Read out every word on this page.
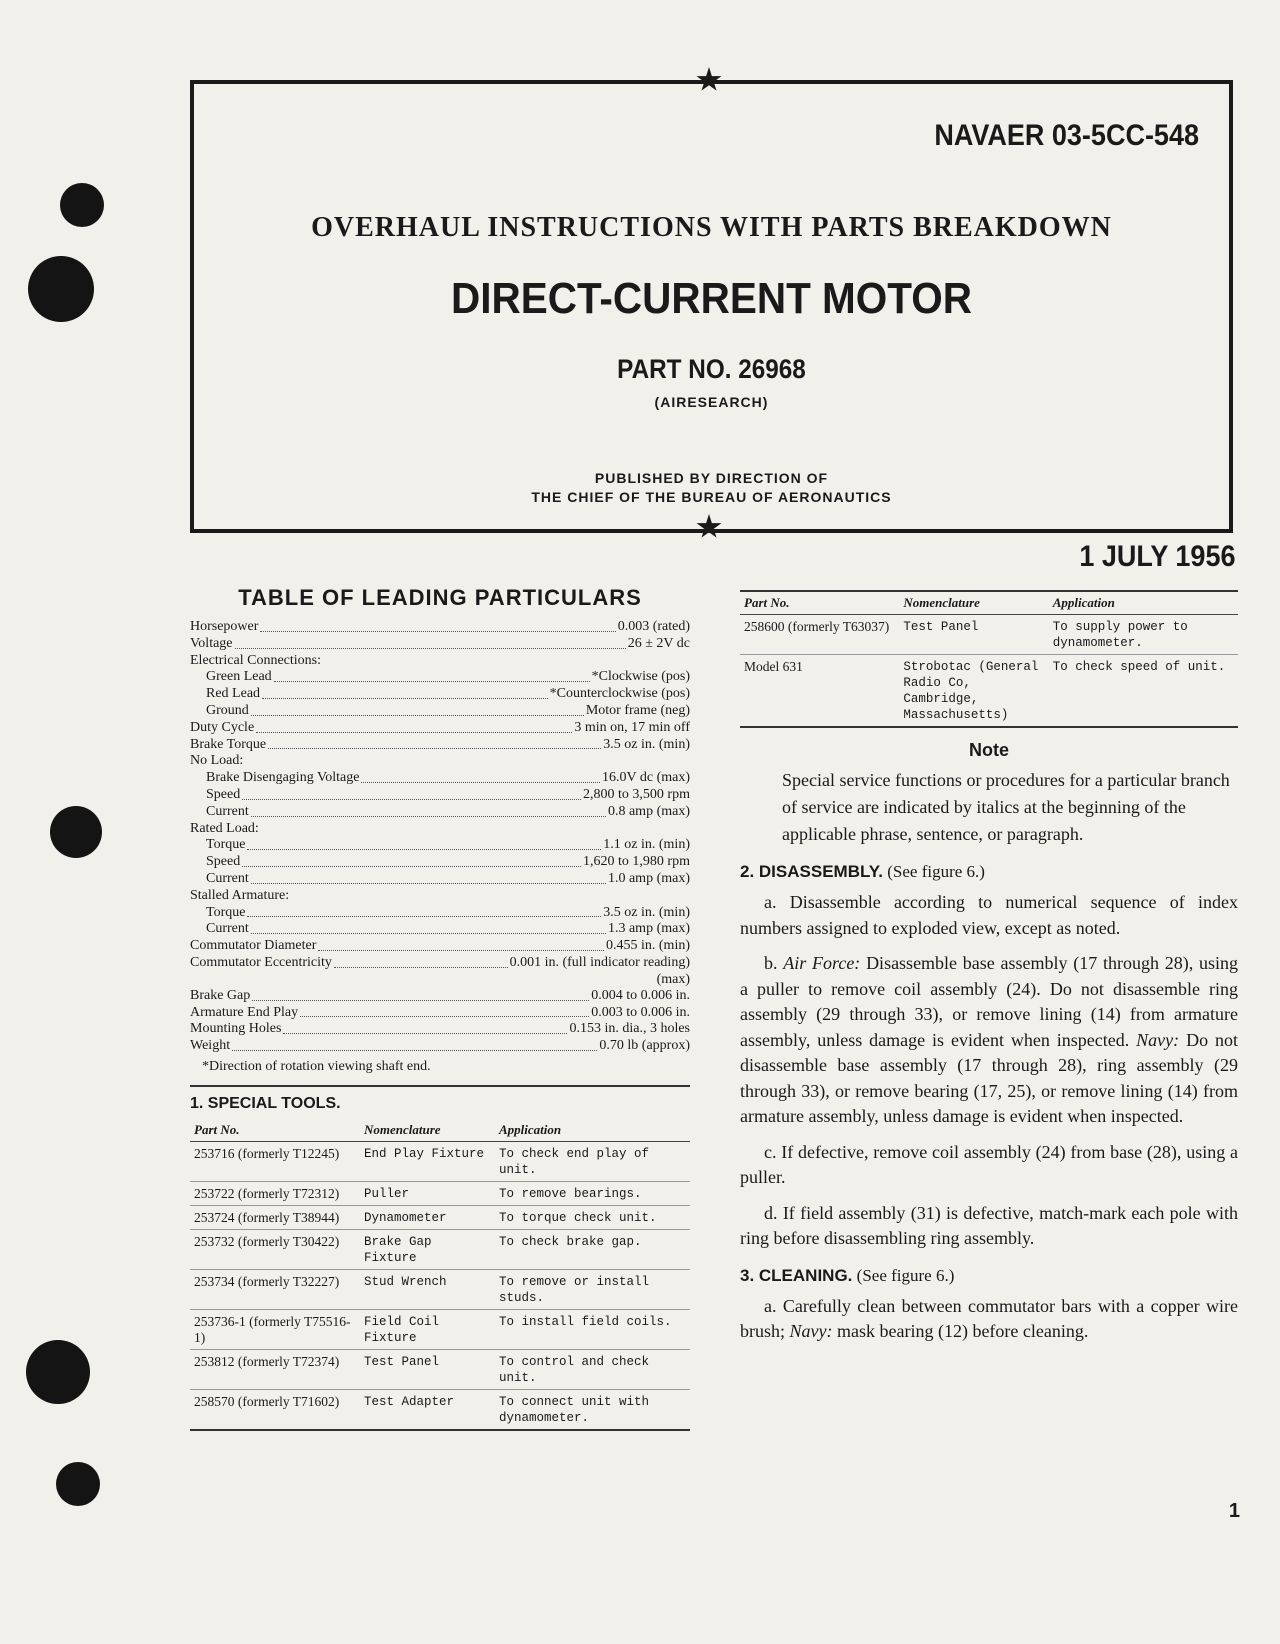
NAVAER 03-5CC-548
OVERHAUL INSTRUCTIONS WITH PARTS BREAKDOWN
DIRECT-CURRENT MOTOR
PART NO. 26968
(AIRESEARCH)
PUBLISHED BY DIRECTION OF
THE CHIEF OF THE BUREAU OF AERONAUTICS
1 JULY 1956
TABLE OF LEADING PARTICULARS
Horsepower	0.003 (rated)
Voltage	26 ± 2V dc
Electrical Connections:
Green Lead	*Clockwise (pos)
Red Lead	*Counterclockwise (pos)
Ground	Motor frame (neg)
Duty Cycle	3 min on, 17 min off
Brake Torque	3.5 oz in. (min)
No Load:
Brake Disengaging Voltage	16.0V dc (max)
Speed	2,800 to 3,500 rpm
Current	0.8 amp (max)
Rated Load:
Torque	1.1 oz in. (min)
Speed	1,620 to 1,980 rpm
Current	1.0 amp (max)
Stalled Armature:
Torque	3.5 oz in. (min)
Current	1.3 amp (max)
Commutator Diameter	0.455 in. (min)
Commutator Eccentricity	0.001 in. (full indicator reading)
(max)
Brake Gap	0.004 to 0.006 in.
Armature End Play	0.003 to 0.006 in.
Mounting Holes	0.153 in. dia., 3 holes
Weight	0.70 lb (approx)
*Direction of rotation viewing shaft end.
1. SPECIAL TOOLS.
Part No.	Nomenclature	Application
253716 (formerly T12245)	End Play Fixture	To check end play of unit.
253722 (formerly T72312)	Puller	To remove bearings.
253724 (formerly T38944)	Dynamometer	To torque check unit.
253732 (formerly T30422)	Brake Gap Fixture	To check brake gap.
253734 (formerly T32227)	Stud Wrench	To remove or install studs.
253736-1 (formerly T75516-1)	Field Coil Fixture	To install field coils.
253812 (formerly T72374)	Test Panel	To control and check unit.
258570 (formerly T71602)	Test Adapter	To connect unit with dynamometer.
Part No.	Nomenclature	Application
258600 (formerly T63037)	Test Panel	To supply power to dynamometer.
Model 631	Strobotac (General Radio Co, Cambridge, Massachusetts)	To check speed of unit.
Note

Special service functions or procedures for a particular branch of service are indicated by italics at the beginning of the applicable phrase, sentence, or paragraph.

2. DISASSEMBLY. (See figure 6.)

a. Disassemble according to numerical sequence of index numbers assigned to exploded view, except as noted.

b. Air Force: Disassemble base assembly (17 through 28), using a puller to remove coil assembly (24). Do not disassemble ring assembly (29 through 33), or remove lining (14) from armature assembly, unless damage is evident when inspected. Navy: Do not disassemble base assembly (17 through 28), ring assembly (29 through 33), or remove bearing (17, 25), or remove lining (14) from armature assembly, unless damage is evident when inspected.

c. If defective, remove coil assembly (24) from base (28), using a puller.

d. If field assembly (31) is defective, match-mark each pole with ring before disassembling ring assembly.

3. CLEANING. (See figure 6.)

a. Carefully clean between commutator bars with a copper wire brush; Navy: mask bearing (12) before cleaning.

1
